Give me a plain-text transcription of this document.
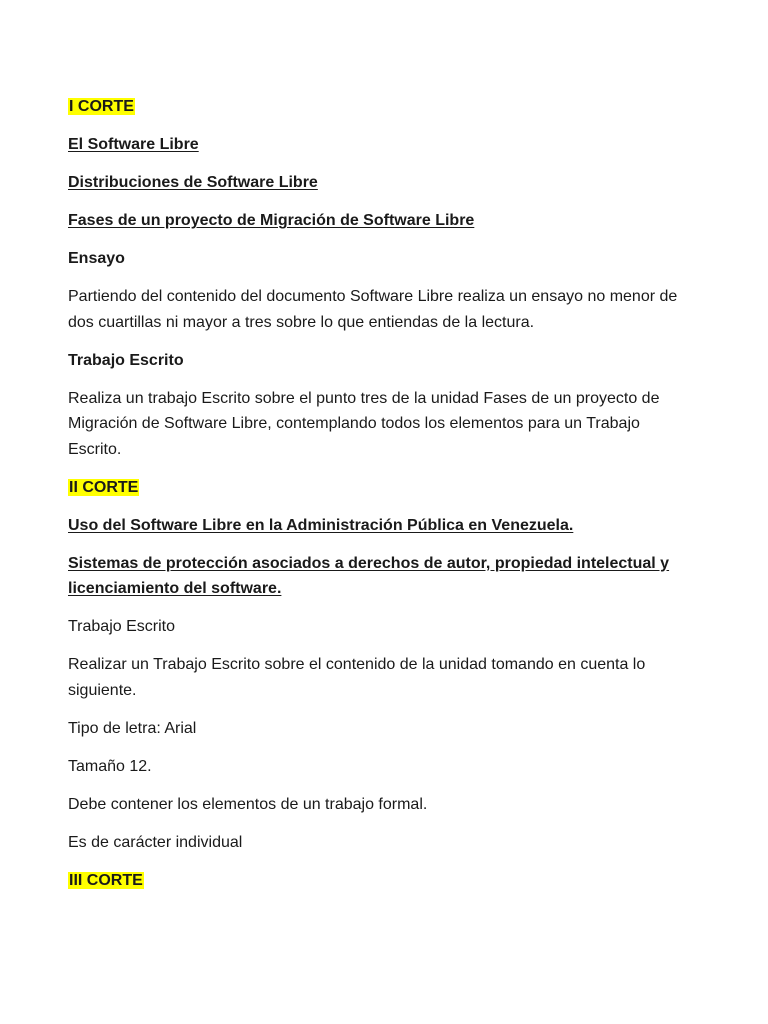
I CORTE

El Software Libre

Distribuciones de Software Libre

Fases de un proyecto de Migración de Software Libre

Ensayo

Partiendo del contenido del documento Software Libre realiza un ensayo no menor de dos cuartillas ni mayor a tres sobre lo que entiendas de la lectura.

Trabajo Escrito

Realiza un trabajo Escrito sobre el punto tres de la unidad Fases de un proyecto de Migración de Software Libre, contemplando todos los elementos para un Trabajo Escrito.

II CORTE

Uso del Software Libre en la Administración Pública en Venezuela.

Sistemas de protección asociados a derechos de autor, propiedad intelectual y licenciamiento del software.

Trabajo Escrito

Realizar un Trabajo Escrito sobre el contenido de la unidad tomando en cuenta lo siguiente.

Tipo de letra: Arial

Tamaño 12.

Debe contener los elementos de un trabajo formal.

Es de carácter individual

III CORTE
